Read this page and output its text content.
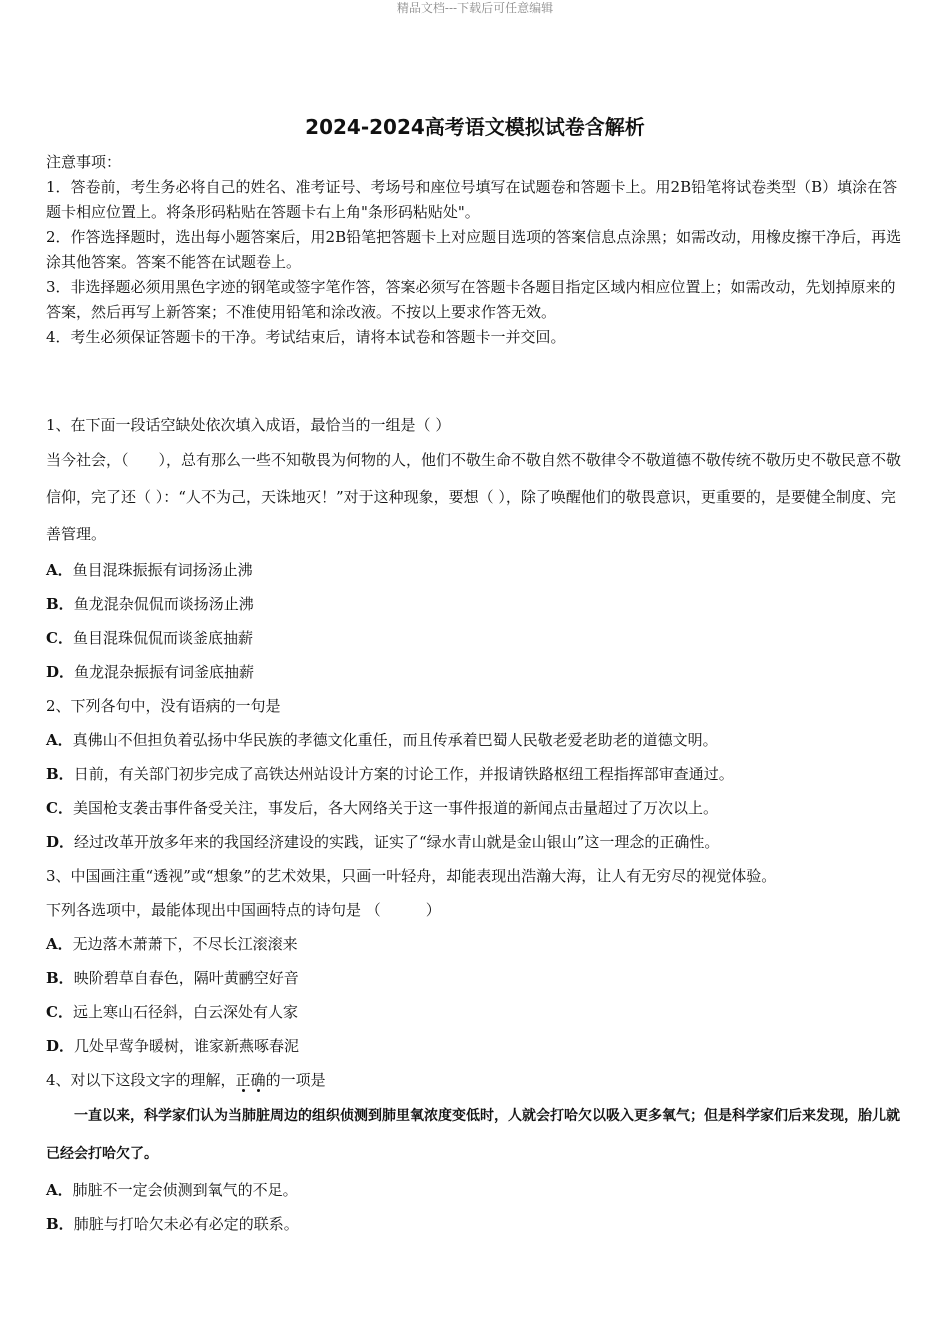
精品文档---下载后可任意编辑
2024-2024高考语文模拟试卷含解析

注意事项：

1．答卷前，考生务必将自己的姓名、准考证号、考场号和座位号填写在试题卷和答题卡上。用2B铅笔将试卷类型（B）填涂在答题卡相应位置上。将条形码粘贴在答题卡右上角"条形码粘贴处"。

2．作答选择题时，选出每小题答案后，用2B铅笔把答题卡上对应题目选项的答案信息点涂黑；如需改动，用橡皮擦干净后，再选涂其他答案。答案不能答在试题卷上。

3．非选择题必须用黑色字迹的钢笔或签字笔作答，答案必须写在答题卡各题目指定区域内相应位置上；如需改动，先划掉原来的答案，然后再写上新答案；不准使用铅笔和涂改液。不按以上要求作答无效。

4．考生必须保证答题卡的干净。考试结束后，请将本试卷和答题卡一并交回。

1、在下面一段话空缺处依次填入成语，最恰当的一组是（ ）

当今社会，（　　），总有那么一些不知敬畏为何物的人，他们不敬生命不敬自然不敬律令不敬道德不敬传统不敬历史不敬民意不敬信仰，完了还（ ）：“人不为己，天诛地灭！”对于这种现象，要想（ ），除了唤醒他们的敬畏意识，更重要的，是要健全制度、完善管理。

A．鱼目混珠振振有词扬汤止沸

B．鱼龙混杂侃侃而谈扬汤止沸

C．鱼目混珠侃侃而谈釜底抽薪

D．鱼龙混杂振振有词釜底抽薪

2、下列各句中，没有语病的一句是

A．真佛山不但担负着弘扬中华民族的孝德文化重任，而且传承着巴蜀人民敬老爱老助老的道德文明。

B．日前，有关部门初步完成了高铁达州站设计方案的讨论工作，并报请铁路枢纽工程指挥部审查通过。

C．美国枪支袭击事件备受关注，事发后，各大网络关于这一事件报道的新闻点击量超过了万次以上。

D．经过改革开放多年来的我国经济建设的实践，证实了“绿水青山就是金山银山”这一理念的正确性。

3、中国画注重“透视”或“想象”的艺术效果，只画一叶轻舟，却能表现出浩瀚大海，让人有无穷尽的视觉体验。

下列各选项中，最能体现出中国画特点的诗句是 （　　　）

A．无边落木萧萧下，不尽长江滚滚来

B．映阶碧草自春色，隔叶黄鹂空好音

C．远上寒山石径斜，白云深处有人家

D．几处早莺争暖树，谁家新燕啄春泥

4、对以下这段文字的理解，正确的一项是

一直以来，科学家们认为当肺脏周边的组织侦测到肺里氧浓度变低时，人就会打哈欠以吸入更多氧气；但是科学家们后来发现，胎儿就已经会打哈欠了。

A．肺脏不一定会侦测到氧气的不足。

B．肺脏与打哈欠未必有必定的联系。
